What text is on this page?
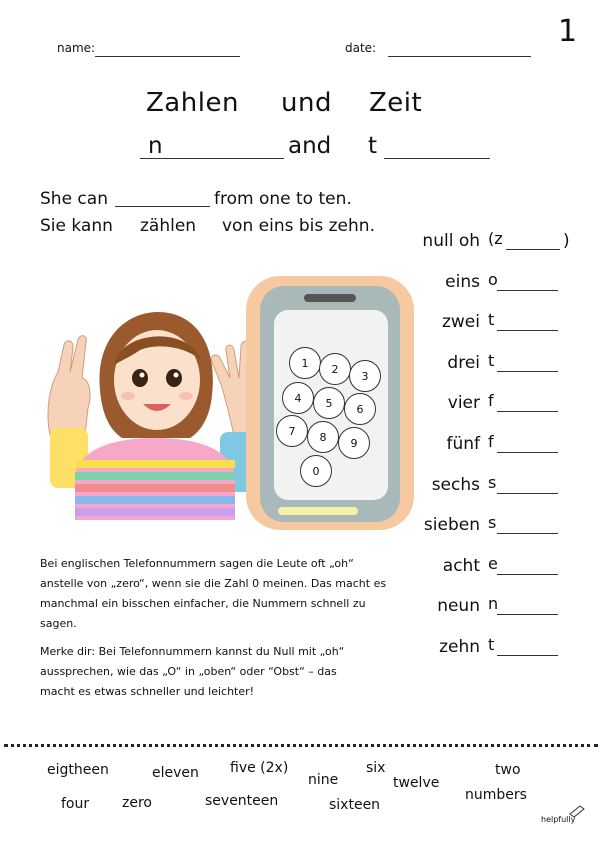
name:	date:	1
Zahlen und Zeit
n	and t
She can	from one to ten.
Sie kann zählen von eins bis zehn.
null oh (z	)
eins o
zwei t
drei t
vier f
fünf f
sechs s
sieben s
acht e
neun n
zehn t
1	2
3
4	5	6
7	8	9
0
Bei englischen Telefonnummern sagen die Leute oft „oh“
anstelle von „zero“, wenn sie die Zahl 0 meinen. Das macht es
manchmal ein bisschen einfacher, die Nummern schnell zu
sagen.
Merke dir: Bei Telefonnummern kannst du Null mit „oh“
aussprechen, wie das „O“ in „oben“ oder “Obst“ – das
macht es etwas schneller und leichter!
eigtheen	eleven five (2x)
nine
six
twelve
two
four zero	seventeen	sixteen
numbers
helpfully
